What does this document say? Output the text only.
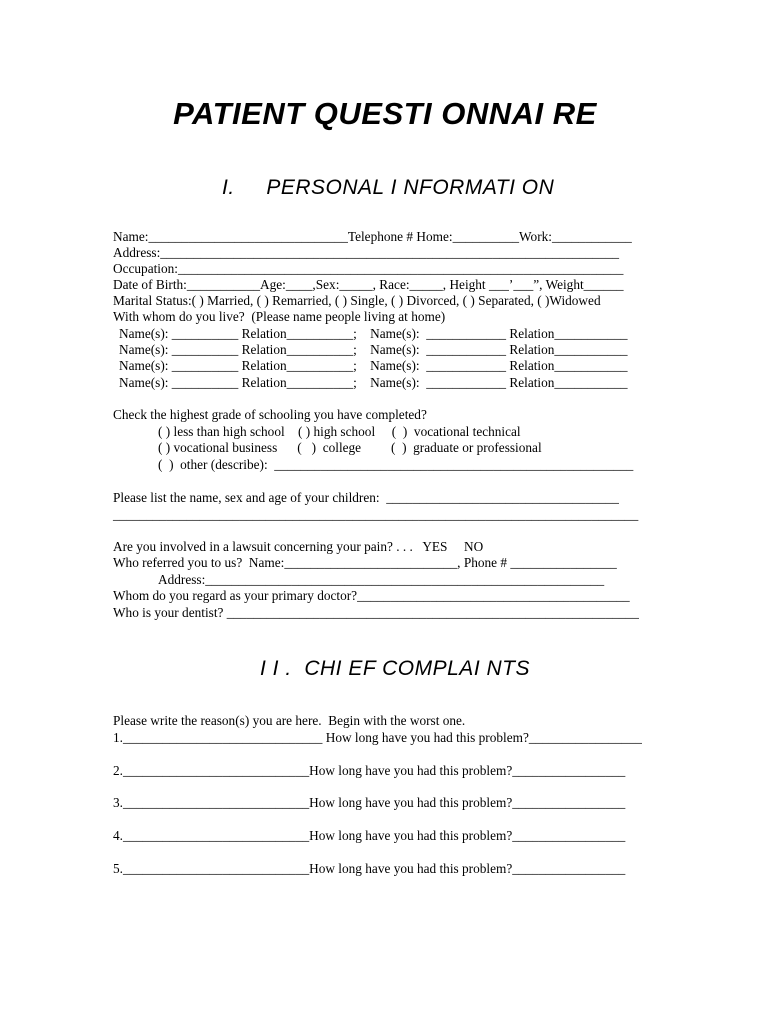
PATIENT QUESTI ONNAI RE
I.     PERSONAL I NFORMATI ON
Name:______________________________Telephone # Home:__________Work:____________
Address:_____________________________________________________________________
Occupation:___________________________________________________________________
Date of Birth:___________Age:____,Sex:_____, Race:_____, Height ___’___”, Weight______
Marital Status:( ) Married, ( ) Remarried, ( ) Single, ( ) Divorced, ( ) Separated, ( )Widowed
With whom do you live?  (Please name people living at home)
Name(s): __________ Relation__________;    Name(s):  ____________ Relation___________
Name(s): __________ Relation__________;    Name(s):  ____________ Relation___________
Name(s): __________ Relation__________;    Name(s):  ____________ Relation___________
Name(s): __________ Relation__________;    Name(s):  ____________ Relation___________
Check the highest grade of schooling you have completed?
( ) less than high school    ( ) high school     (  )  vocational technical
( ) vocational business      (   )  college         (  )  graduate or professional
(  )  other (describe):  ______________________________________________________
Please list the name, sex and age of your children:  ___________________________________
_______________________________________________________________________________
Are you involved in a lawsuit concerning your pain? . . .   YES     NO
Who referred you to us?  Name:__________________________, Phone # ________________
Address:____________________________________________________________
Whom do you regard as your primary doctor?_________________________________________
Who is your dentist? ______________________________________________________________
I I .  CHI EF COMPLAI NTS
Please write the reason(s) you are here.  Begin with the worst one.
1.______________________________ How long have you had this problem?_________________
2.____________________________How long have you had this problem?_________________
3.____________________________How long have you had this problem?_________________
4.____________________________How long have you had this problem?_________________
5.____________________________How long have you had this problem?_________________
